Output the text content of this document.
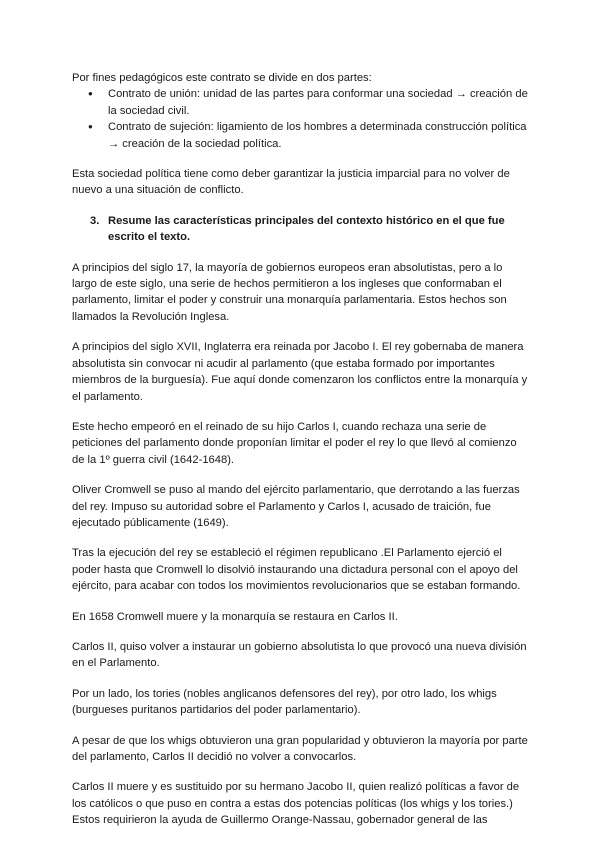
Por fines pedagógicos este contrato se divide en dos partes:

● Contrato de unión: unidad de las partes para conformar una sociedad → creación de la sociedad civil.
● Contrato de sujeción: ligamiento de los hombres a determinada construcción política → creación de la sociedad política.

Esta sociedad política tiene como deber garantizar la justicia imparcial para no volver de nuevo a una situación de conflicto.

3. Resume las características principales del contexto histórico en el que fue escrito el texto.

A principios del siglo 17, la mayoría de gobiernos europeos eran absolutistas, pero a lo largo de este siglo, una serie de hechos permitieron a los ingleses que conformaban el parlamento, limitar el poder y construir una monarquía parlamentaria. Estos hechos son llamados la Revolución Inglesa.

A principios del siglo XVII, Inglaterra era reinada por Jacobo I. El rey gobernaba de manera absolutista sin convocar ni acudir al parlamento (que estaba formado por importantes miembros de la burguesía). Fue aquí donde comenzaron los conflictos entre la monarquía y el parlamento.

Este hecho empeoró en el reinado de su hijo Carlos I, cuando rechaza una serie de peticiones del parlamento donde proponían limitar el poder el rey lo que llevó al comienzo de la 1º guerra civil (1642-1648).

Oliver Cromwell se puso al mando del ejército parlamentario, que derrotando a las fuerzas del rey. Impuso su autoridad sobre el Parlamento y Carlos I, acusado de traición, fue ejecutado públicamente (1649).

Tras la ejecución del rey se estableció el régimen republicano .El Parlamento ejerció el poder hasta que Cromwell lo disolvió instaurando una dictadura personal con el apoyo del ejército, para acabar con todos los movimientos revolucionarios que se estaban formando.

En 1658 Cromwell muere y la monarquía se restaura en Carlos II.

Carlos II, quiso volver a instaurar un gobierno absolutista lo que provocó una nueva división en el Parlamento.

Por un lado, los tories (nobles anglicanos defensores del rey), por otro lado, los whigs (burgueses puritanos partidarios del poder parlamentario).

A pesar de que los whigs obtuvieron una gran popularidad y obtuvieron la mayoría por parte del parlamento, Carlos II decidió no volver a convocarlos.

Carlos II muere y es sustituido por su hermano Jacobo II, quien realizó políticas a favor de los católicos o que puso en contra a estas dos potencias políticas (los whigs y los tories.) Estos requirieron la ayuda de Guillermo Orange-Nassau, gobernador general de las
